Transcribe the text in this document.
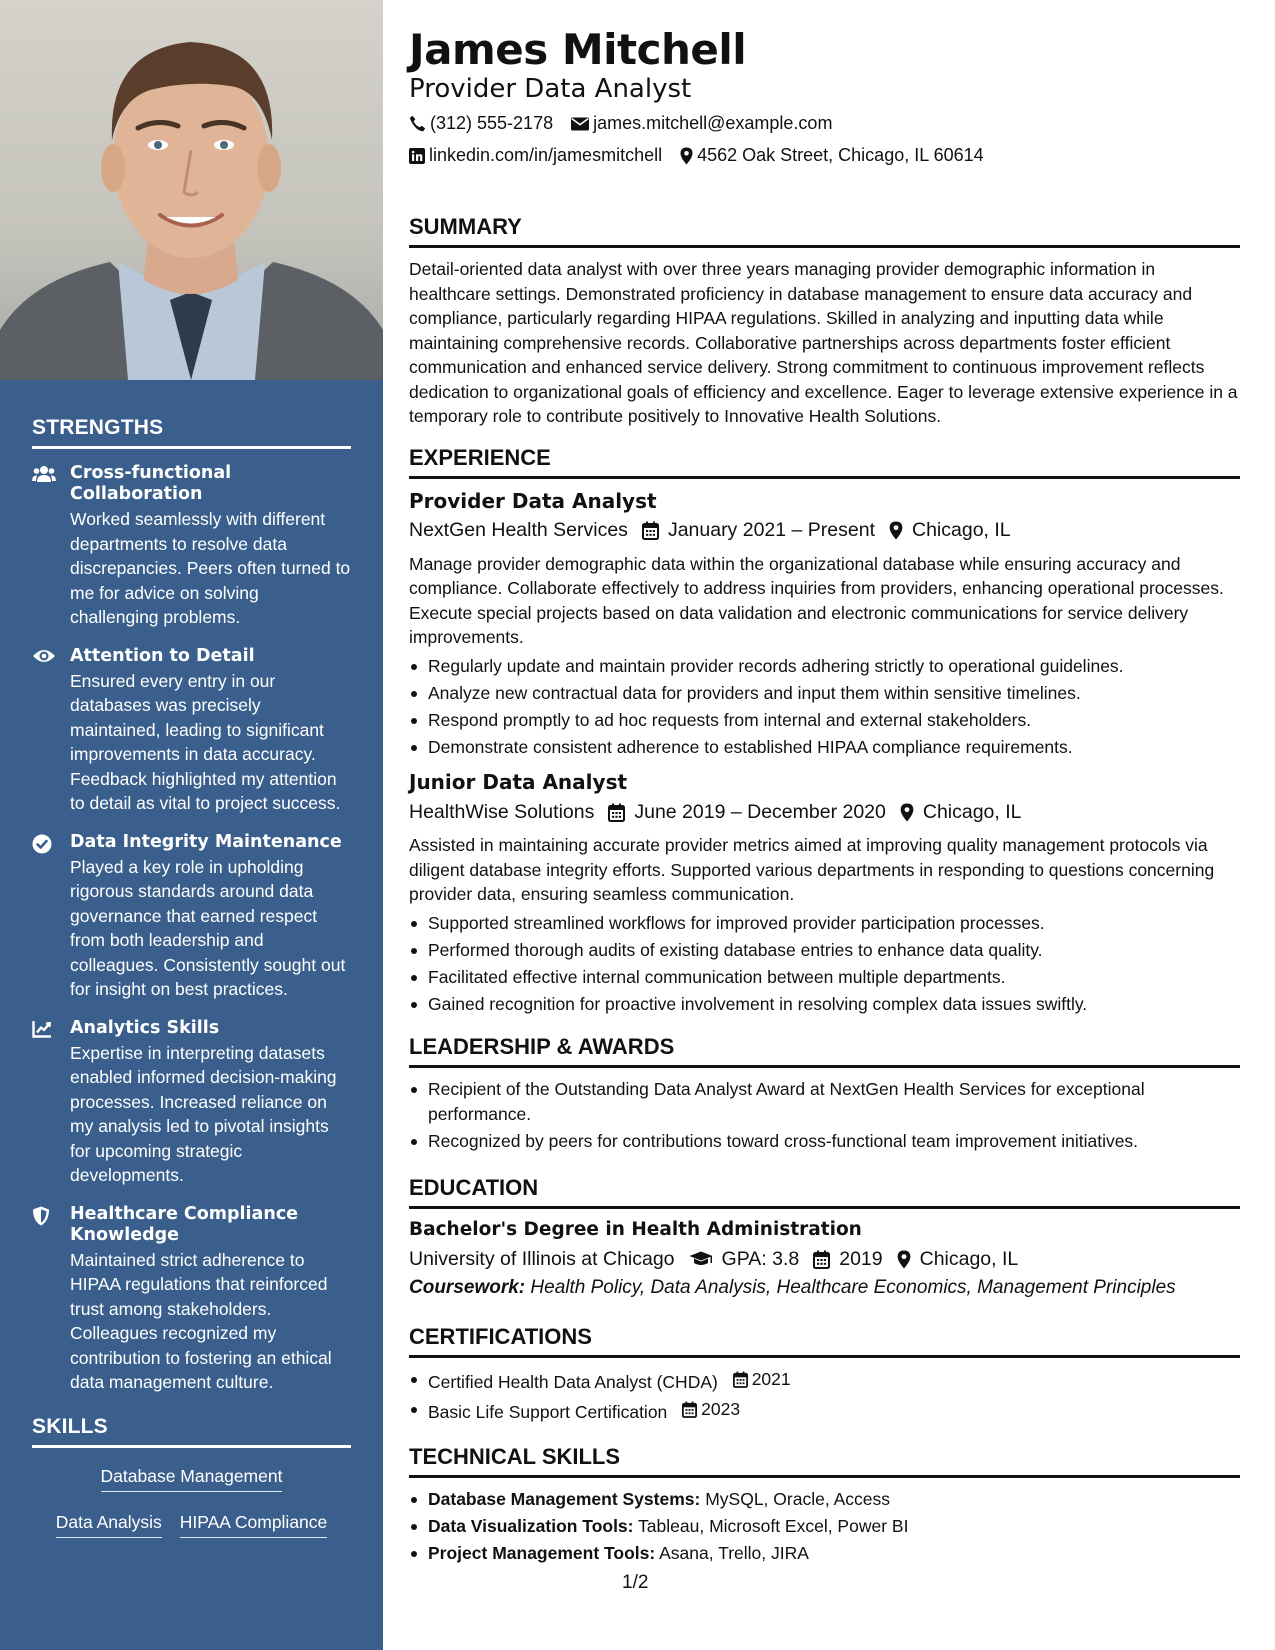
STRENGTHS
Cross-functional Collaboration
Worked seamlessly with different departments to resolve data discrepancies. Peers often turned to me for advice on solving challenging problems.
Attention to Detail
Ensured every entry in our databases was precisely maintained, leading to significant improvements in data accuracy. Feedback highlighted my attention to detail as vital to project success.
Data Integrity Maintenance
Played a key role in upholding rigorous standards around data governance that earned respect from both leadership and colleagues. Consistently sought out for insight on best practices.
Analytics Skills
Expertise in interpreting datasets enabled informed decision-making processes. Increased reliance on my analysis led to pivotal insights for upcoming strategic developments.
Healthcare Compliance Knowledge
Maintained strict adherence to HIPAA regulations that reinforced trust among stakeholders. Colleagues recognized my contribution to fostering an ethical data management culture.
SKILLS
Database Management
Data Analysis HIPAA Compliance
James Mitchell
Provider Data Analyst
(312) 555-2178 james.mitchell@example.com
linkedin.com/in/jamesmitchell 4562 Oak Street, Chicago, IL 60614
SUMMARY

Detail-oriented data analyst with over three years managing provider demographic information in healthcare settings. Demonstrated proficiency in database management to ensure data accuracy and compliance, particularly regarding HIPAA regulations. Skilled in analyzing and inputting data while maintaining comprehensive records. Collaborative partnerships across departments foster efficient communication and enhanced service delivery. Strong commitment to continuous improvement reflects dedication to organizational goals of efficiency and excellence. Eager to leverage extensive experience in a temporary role to contribute positively to Innovative Health Solutions.

EXPERIENCE
Provider Data Analyst
NextGen Health Services January 2021 – Present Chicago, IL

Manage provider demographic data within the organizational database while ensuring accuracy and compliance. Collaborate effectively to address inquiries from providers, enhancing operational processes. Execute special projects based on data validation and electronic communications for service delivery improvements.

Regularly update and maintain provider records adhering strictly to operational guidelines.
Analyze new contractual data for providers and input them within sensitive timelines.
Respond promptly to ad hoc requests from internal and external stakeholders.
Demonstrate consistent adherence to established HIPAA compliance requirements.
Junior Data Analyst
HealthWise Solutions June 2019 – December 2020 Chicago, IL

Assisted in maintaining accurate provider metrics aimed at improving quality management protocols via diligent database integrity efforts. Supported various departments in responding to questions concerning provider data, ensuring seamless communication.

Supported streamlined workflows for improved provider participation processes.
Performed thorough audits of existing database entries to enhance data quality.
Facilitated effective internal communication between multiple departments.
Gained recognition for proactive involvement in resolving complex data issues swiftly.
LEADERSHIP & AWARDS
Recipient of the Outstanding Data Analyst Award at NextGen Health Services for exceptional performance.
Recognized by peers for contributions toward cross-functional team improvement initiatives.
EDUCATION
Bachelor's Degree in Health Administration
University of Illinois at Chicago GPA: 3.8 2019 Chicago, IL
Coursework: Health Policy, Data Analysis, Healthcare Economics, Management Principles
CERTIFICATIONS
Certified Health Data Analyst (CHDA) 2021
Basic Life Support Certification 2023
TECHNICAL SKILLS
Database Management Systems: MySQL, Oracle, Access
Data Visualization Tools: Tableau, Microsoft Excel, Power BI
Project Management Tools: Asana, Trello, JIRA
1/2
